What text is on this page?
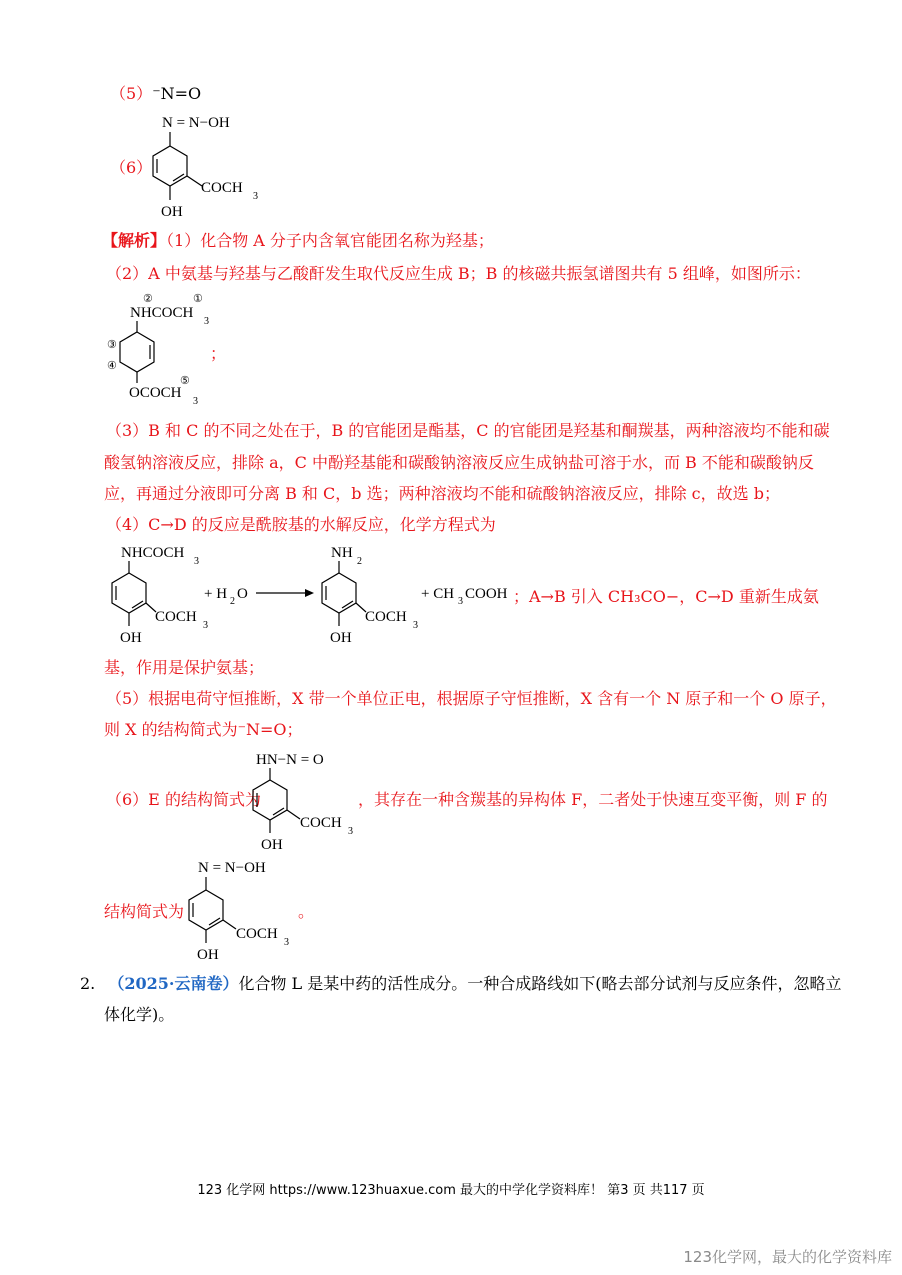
（5）⁻N=O
（6）
N = N−OH
COCH
3
OH
【解析】（1）化合物 A 分子内含氧官能团名称为羟基；
（2）A 中氨基与羟基与乙酸酐发生取代反应生成 B；B 的核磁共振氢谱图共有 5 组峰，如图所示：
②	①
NHCOCH
3
③
④
⑤
OCOCH
3
；
（3）B 和 C 的不同之处在于，B 的官能团是酯基，C 的官能团是羟基和酮羰基，两种溶液均不能和碳
酸氢钠溶液反应，排除 a，C 中酚羟基能和碳酸钠溶液反应生成钠盐可溶于水，而 B 不能和碳酸钠反
应，再通过分液即可分离 B 和 C，b 选；两种溶液均不能和硫酸钠溶液反应，排除 c，故选 b；
（4）C→D 的反应是酰胺基的水解反应，化学方程式为
NHCOCH
3
COCH
3
OH
+ H 2 O
NH
2
COCH
3
OH
+ CH 3 COOH ；A→B 引入 CH₃CO−，C→D 重新生成氨
基，作用是保护氨基；
（5）根据电荷守恒推断，X 带一个单位正电，根据原子守恒推断，X 含有一个 N 原子和一个 O 原子，
则 X 的结构简式为⁻N=O；
（6）E 的结构简式为
HN−N = O
COCH
3
OH
，其存在一种含羰基的异构体 F，二者处于快速互变平衡，则 F 的
N = N−OH
COCH
3
OH
结构简式为	。
2. （2025·云南卷）化合物 L 是某中药的活性成分。一种合成路线如下(略去部分试剂与反应条件，忽略立
体化学)。
123 化学网 https://www.123huaxue.com 最大的中学化学资料库！ 第3 页 共117 页
123化学网，最大的化学资料库
